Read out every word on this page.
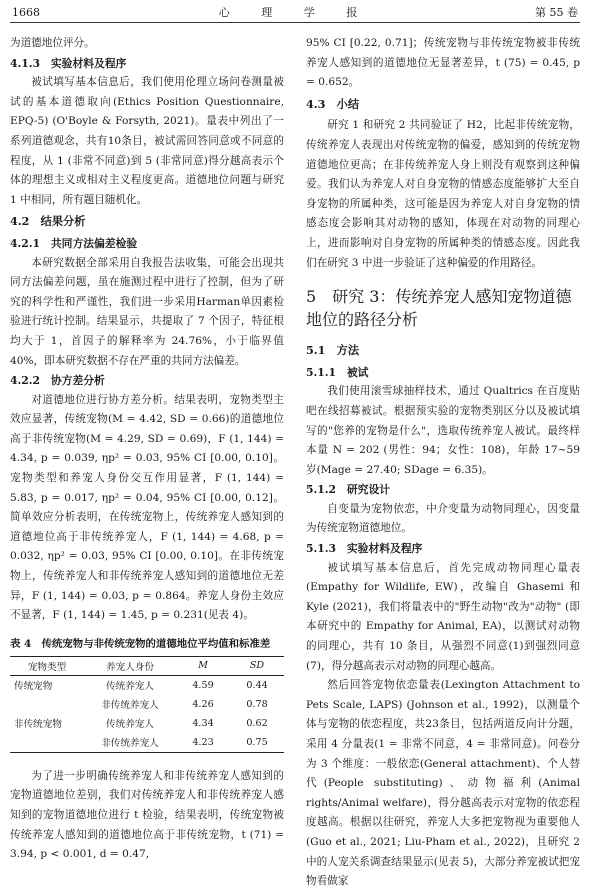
1668	心 理 学 报	第 55 卷

为道德地位评分。

4.1.3　实验材料及程序

被试填写基本信息后，我们使用伦理立场问卷测量被试的基本道德取向(Ethics Position Questionnaire, EPQ-5) (O'Boyle & Forsyth, 2021)。量表中列出了一系列道德观念，共有10条目，被试需回答同意或不同意的程度，从 1 (非常不同意)到 5 (非常同意)得分越高表示个体的理想主义或相对主义程度更高。道德地位问题与研究 1 中相同，所有题目随机化。

4.2　结果分析

4.2.1　共同方法偏差检验

本研究数据全部采用自我报告法收集，可能会出现共同方法偏差问题，虽在施测过程中进行了控制，但为了研究的科学性和严谨性，我们进一步采用Harman单因素检验进行统计控制。结果显示，共提取了 7 个因子，特征根均大于 1，首因子的解释率为 24.76%，小于临界值 40%，即本研究数据不存在严重的共同方法偏差。

4.2.2　协方差分析

对道德地位进行协方差分析。结果表明，宠物类型主效应显著，传统宠物(M = 4.42, SD = 0.66)的道德地位高于非传统宠物(M = 4.29, SD = 0.69)，F (1, 144) = 4.34, p = 0.039, ηp² = 0.03, 95% CI [0.00, 0.10]。宠物类型和养宠人身份交互作用显著，F (1, 144) = 5.83, p = 0.017, ηp² = 0.04, 95% CI [0.00, 0.12]。简单效应分析表明，在传统宠物上，传统养宠人感知到的道德地位高于非传统养宠人，F (1, 144) = 4.68, p = 0.032, ηp² = 0.03, 95% CI [0.00, 0.10]。在非传统宠物上，传统养宠人和非传统养宠人感知到的道德地位无差异，F (1, 144) = 0.03, p = 0.864。养宠人身份主效应不显著，F (1, 144) = 1.45, p = 0.231(见表 4)。

表 4　传统宠物与非传统宠物的道德地位平均值和标准差

宠物类型	养宠人身份	M	SD
传统宠物	传统养宠人	4.59	0.44
	非传统养宠人	4.26	0.78
非传统宠物	传统养宠人	4.34	0.62
	非传统养宠人	4.23	0.75

为了进一步明确传统养宠人和非传统养宠人感知到的宠物道德地位差别，我们对传统养宠人和非传统养宠人感知到的宠物道德地位进行 t 检验，结果表明，传统宠物被传统养宠人感知到的道德地位高于非传统宠物，t (71) = 3.94, p < 0.001, d = 0.47,

95% CI [0.22, 0.71]；传统宠物与非传统宠物被非传统养宠人感知到的道德地位无显著差异，t (75) = 0.45, p = 0.652。

4.3　小结

研究 1 和研究 2 共同验证了 H2，比起非传统宠物，传统养宠人表现出对传统宠物的偏爱，感知到的传统宠物道德地位更高；在非传统养宠人身上则没有观察到这种偏爱。我们认为养宠人对自身宠物的情感态度能够扩大至自身宠物的所属种类，这可能是因为养宠人对自身宠物的情感态度会影响其对动物的感知，体现在对动物的同理心上，进而影响对自身宠物的所属种类的情感态度。因此我们在研究 3 中进一步验证了这种偏爱的作用路径。

5　研究 3：传统养宠人感知宠物道德地位的路径分析

5.1　方法

5.1.1　被试

我们使用滚雪球抽样技术，通过 Qualtrics 在百度贴吧在线招募被试。根据预实验的宠物类别区分以及被试填写的"您养的宠物是什么"，选取传统养宠人被试。最终样本量 N = 202 (男性：94；女性：108)，年龄 17~59 岁(Mage = 27.40; SDage = 6.35)。

5.1.2　研究设计

自变量为宠物依恋，中介变量为动物同理心，因变量为传统宠物道德地位。

5.1.3　实验材料及程序

被试填写基本信息后，首先完成动物同理心量表(Empathy for Wildlife, EW)，改编自 Ghasemi 和 Kyle (2021)，我们将量表中的"野生动物"改为"动物" (即本研究中的 Empathy for Animal, EA)，以测试对动物的同理心，共有 10 条目，从强烈不同意(1)到强烈同意(7)，得分越高表示对动物的同理心越高。

然后回答宠物依恋量表(Lexington Attachment to Pets Scale, LAPS) (Johnson et al., 1992)，以测量个体与宠物的依恋程度，共23条目，包括两道反向计分题，采用 4 分量表(1 = 非常不同意，4 = 非常同意)。问卷分为 3 个维度：一般依恋(General attachment)、个人替代(People substituting)、动物福利(Animal rights/Animal welfare)，得分越高表示对宠物的依恋程度越高。根据以往研究，养宠人大多把宠物视为重要他人(Guo et al., 2021; Liu-Pham et al., 2022)，且研究 2 中的人宠关系调查结果显示(见表 5)，大部分养宠被试把宠物看做家
